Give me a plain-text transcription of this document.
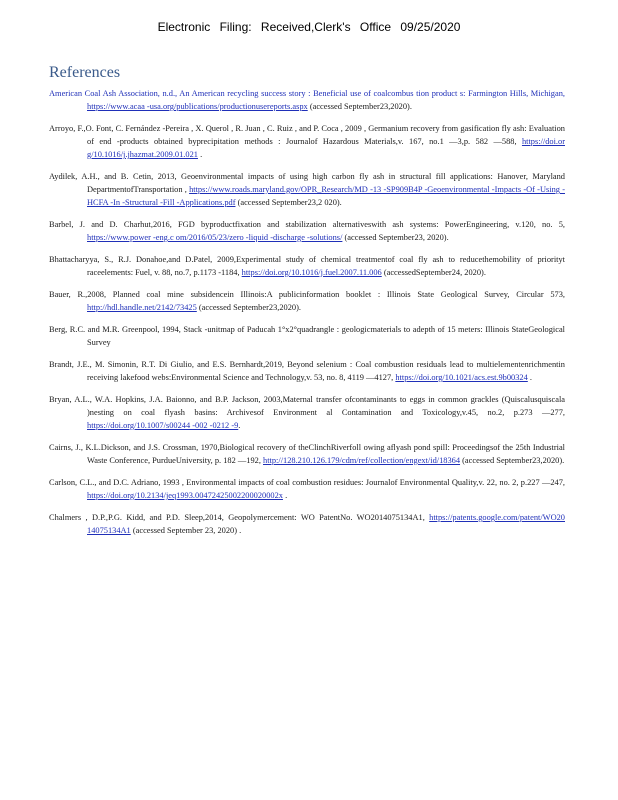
Electronic Filing: Received,Clerk's Office 09/25/2020
References

American Coal Ash Association, n.d., An American recycling success story : Beneficial use of coalcombus tion product s: Farmington Hills, Michigan, https://www.acaa -usa.org/publications/productionusereports.aspx (accessed September23,2020).

Arroyo, F.,O. Font, C. Fernández -Pereira , X. Querol , R. Juan , C. Ruiz , and P. Coca , 2009 , Germanium recovery from gasification fly ash: Evaluation of end -products obtained byprecipitation methods : Journalof Hazardous Materials,v. 167, no.1 —3,p. 582 —588, https://doi.or g/10.1016/j.jhazmat.2009.01.021 .

Aydilek, A.H., and B. Cetin, 2013, Geoenvironmental impacts of using high carbon fly ash in structural fill applications: Hanover, Maryland DepartmentofTransportation , https://www.roads.maryland.gov/OPR_Research/MD -13 -SP909B4P -Geoenvironmental -Impacts -Of -Using -HCFA -In -Structural -Fill -Applications.pdf (accessed September23,2 020).

Barbel, J. and D. Charhut,2016, FGD byproductfixation and stabilization alternativeswith ash systems: PowerEngineering, v.120, no. 5, https://www.power -eng.c om/2016/05/23/zero -liquid -discharge -solutions/ (accessed September23, 2020).

Bhattacharyya, S., R.J. Donahoe,and D.Patel, 2009,Experimental study of chemical treatmentof coal fly ash to reducethemobility of priorityt raceelements: Fuel, v. 88, no.7, p.1173 -1184, https://doi.org/10.1016/j.fuel.2007.11.006 (accessedSeptember24, 2020).

Bauer, R.,2008, Planned coal mine subsidencein Illinois:A publicinformation booklet : Illinois State Geological Survey, Circular 573, http://hdl.handle.net/2142/73425 (accessed September23,2020).

Berg, R.C. and M.R. Greenpool, 1994, Stack -unitmap of Paducah 1°x2°quadrangle : geologicmaterials to adepth of 15 meters: Illinois StateGeological Survey

Brandt, J.E., M. Simonin, R.T. Di Giulio, and E.S. Bernhardt,2019, Beyond selenium : Coal combustion residuals lead to multielementenrichmentin receiving lakefood webs:Environmental Science and Technology,v. 53, no. 8, 4119 —4127, https://doi.org/10.1021/acs.est.9b00324 .

Bryan, A.L., W.A. Hopkins, J.A. Baionno, and B.P. Jackson, 2003,Maternal transfer ofcontaminants to eggs in common grackles (Quiscalusquiscala )nesting on coal flyash basins: Archivesof Environment al Contamination and Toxicology,v.45, no.2, p.273 —277, https://doi.org/10.1007/s00244 -002 -0212 -9.

Cairns, J., K.L.Dickson, and J.S. Crossman, 1970,Biological recovery of theClinchRiverfoll owing aflyash pond spill: Proceedingsof the 25th Industrial Waste Conference, PurdueUniversity, p. 182 —192, http://128.210.126.179/cdm/ref/collection/engext/id/18364 (accessed September23,2020).

Carlson, C.L., and D.C. Adriano, 1993 , Environmental impacts of coal combustion residues: Journalof Environmental Quality,v. 22, no. 2, p.227 —247, https://doi.org/10.2134/jeq1993.00472425002200020002x .

Chalmers , D.P.,P.G. Kidd, and P.D. Sleep,2014, Geopolymercement: WO PatentNo. WO2014075134A1, https://patents.google.com/patent/WO20 14075134A1 (accessed September 23, 2020) .
